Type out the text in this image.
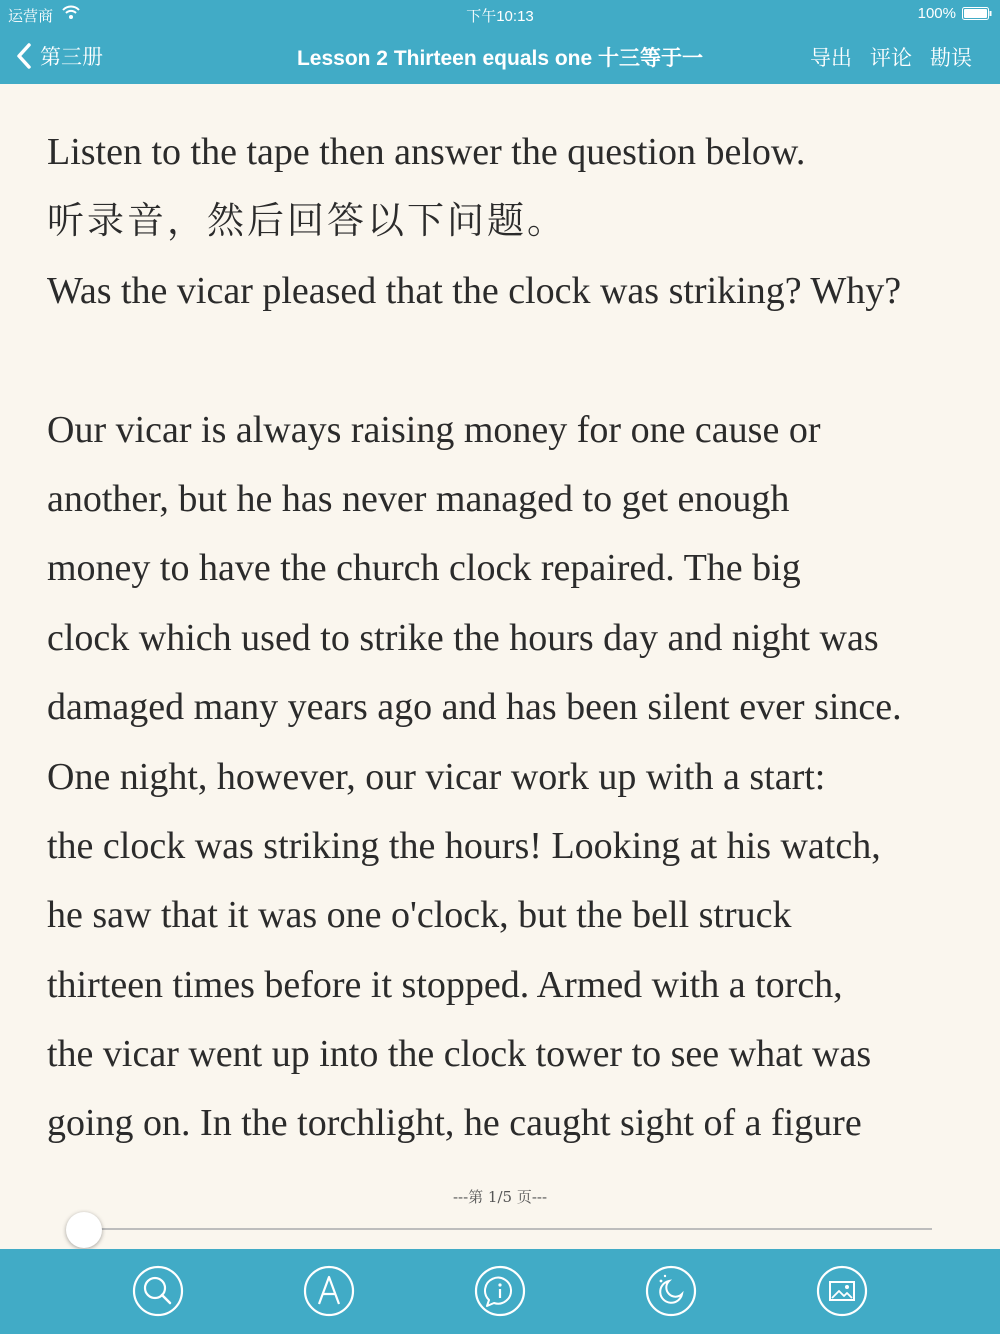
运营商	下午10:13	100%
第三册	Lesson 2 Thirteen equals one 十三等于一	导出 评论 勘误
Listen to the tape then answer the question below.
听录音，然后回答以下问题。
Was the vicar pleased that the clock was striking? Why?
Our vicar is always raising money for one cause or
another, but he has never managed to get enough
money to have the church clock repaired. The big
clock which used to strike the hours day and night was
damaged many years ago and has been silent ever since.
One night, however, our vicar work up with a start:
the clock was striking the hours! Looking at his watch,
he saw that it was one o'clock, but the bell struck
thirteen times before it stopped. Armed with a torch,
the vicar went up into the clock tower to see what was
going on. In the torchlight, he caught sight of a figure
---第 1/5 页---
